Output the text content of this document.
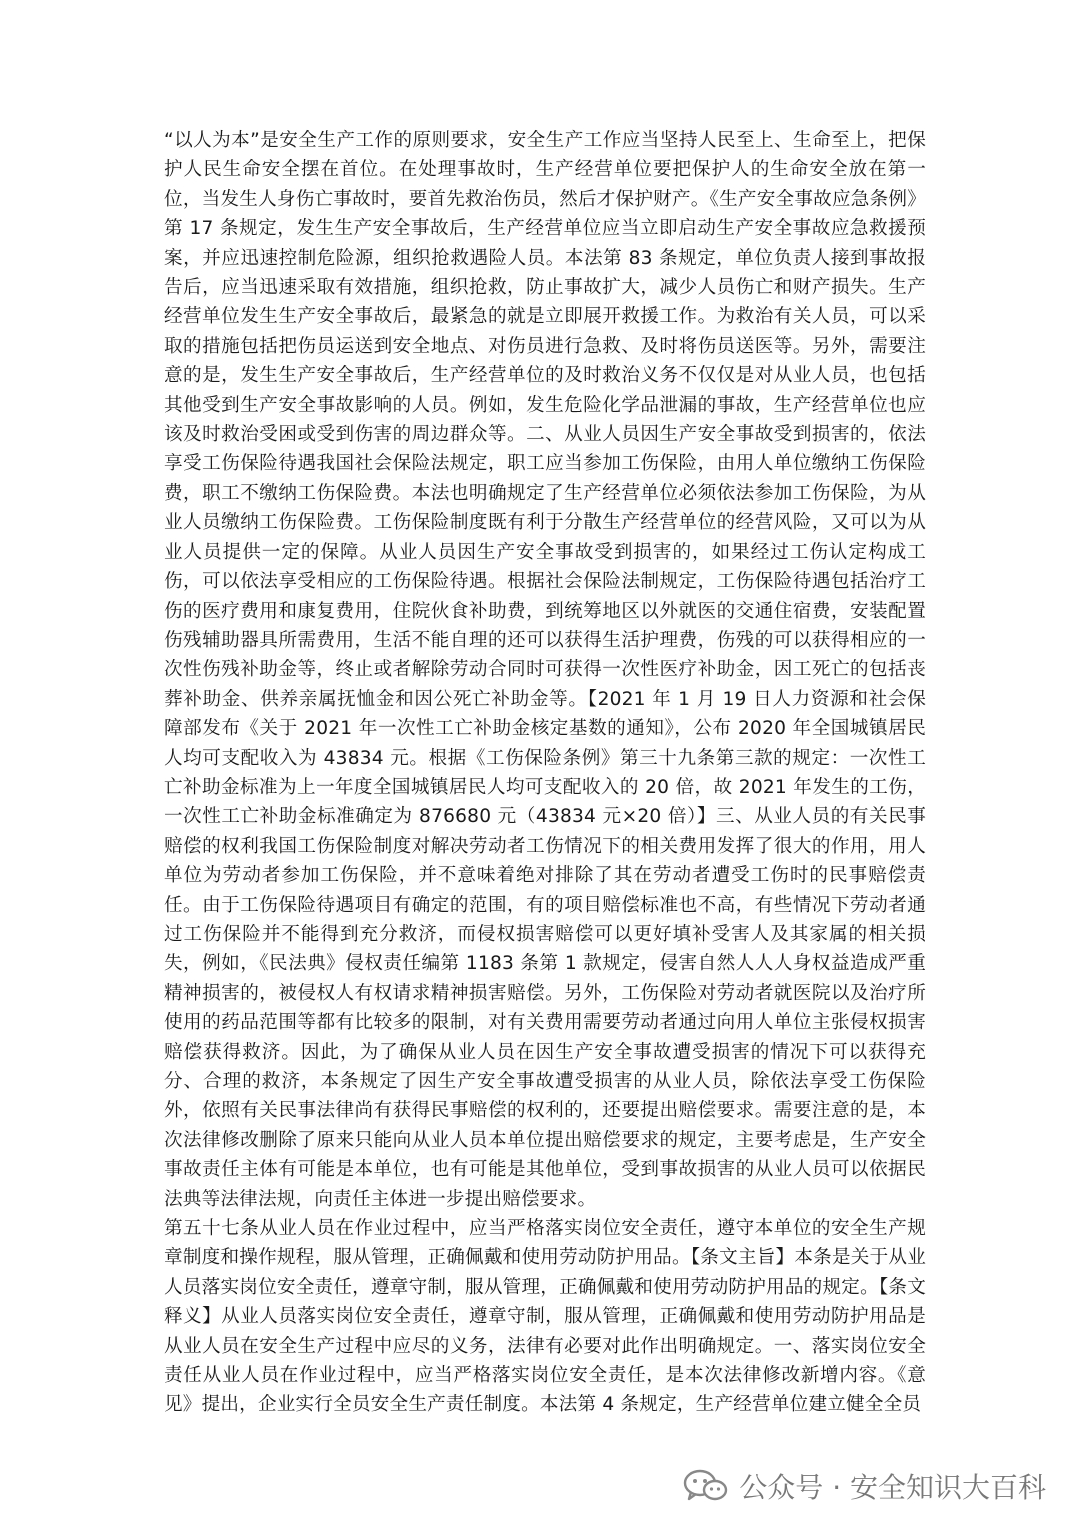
“以人为本”是安全生产工作的原则要求，安全生产工作应当坚持人民至上、生命至上，把保护人民生命安全摆在首位。在处理事故时，生产经营单位要把保护人的生命安全放在第一位，当发生人身伤亡事故时，要首先救治伤员，然后才保护财产。《生产安全事故应急条例》第 17 条规定，发生生产安全事故后，生产经营单位应当立即启动生产安全事故应急救援预案，并应迅速控制危险源，组织抢救遇险人员。本法第 83 条规定，单位负责人接到事故报告后，应当迅速采取有效措施，组织抢救，防止事故扩大，减少人员伤亡和财产损失。生产经营单位发生生产安全事故后，最紧急的就是立即展开救援工作。为救治有关人员，可以采取的措施包括把伤员运送到安全地点、对伤员进行急救、及时将伤员送医等。另外，需要注意的是，发生生产安全事故后，生产经营单位的及时救治义务不仅仅是对从业人员，也包括其他受到生产安全事故影响的人员。例如，发生危险化学品泄漏的事故，生产经营单位也应该及时救治受困或受到伤害的周边群众等。二、从业人员因生产安全事故受到损害的，依法享受工伤保险待遇我国社会保险法规定，职工应当参加工伤保险，由用人单位缴纳工伤保险费，职工不缴纳工伤保险费。本法也明确规定了生产经营单位必须依法参加工伤保险，为从业人员缴纳工伤保险费。工伤保险制度既有利于分散生产经营单位的经营风险，又可以为从业人员提供一定的保障。从业人员因生产安全事故受到损害的，如果经过工伤认定构成工伤，可以依法享受相应的工伤保险待遇。根据社会保险法制规定，工伤保险待遇包括治疗工伤的医疗费用和康复费用，住院伙食补助费，到统筹地区以外就医的交通住宿费，安装配置伤残辅助器具所需费用，生活不能自理的还可以获得生活护理费，伤残的可以获得相应的一次性伤残补助金等，终止或者解除劳动合同时可获得一次性医疗补助金，因工死亡的包括丧葬补助金、供养亲属抚恤金和因公死亡补助金等。【2021 年 1 月 19 日人力资源和社会保障部发布《关于 2021 年一次性工亡补助金核定基数的通知》，公布 2020 年全国城镇居民人均可支配收入为 43834 元。根据《工伤保险条例》第三十九条第三款的规定：一次性工亡补助金标准为上一年度全国城镇居民人均可支配收入的 20 倍，故 2021 年发生的工伤，一次性工亡补助金标准确定为 876680 元（43834 元×20 倍）】三、从业人员的有关民事赔偿的权利我国工伤保险制度对解决劳动者工伤情况下的相关费用发挥了很大的作用，用人单位为劳动者参加工伤保险，并不意味着绝对排除了其在劳动者遭受工伤时的民事赔偿责任。由于工伤保险待遇项目有确定的范围，有的项目赔偿标准也不高，有些情况下劳动者通过工伤保险并不能得到充分救济，而侵权损害赔偿可以更好填补受害人及其家属的相关损失，例如，《民法典》侵权责任编第 1183 条第 1 款规定，侵害自然人人人身权益造成严重精神损害的，被侵权人有权请求精神损害赔偿。另外，工伤保险对劳动者就医院以及治疗所使用的药品范围等都有比较多的限制，对有关费用需要劳动者通过向用人单位主张侵权损害赔偿获得救济。因此，为了确保从业人员在因生产安全事故遭受损害的情况下可以获得充分、合理的救济，本条规定了因生产安全事故遭受损害的从业人员，除依法享受工伤保险外，依照有关民事法律尚有获得民事赔偿的权利的，还要提出赔偿要求。需要注意的是，本次法律修改删除了原来只能向从业人员本单位提出赔偿要求的规定，主要考虑是，生产安全事故责任主体有可能是本单位，也有可能是其他单位，受到事故损害的从业人员可以依据民法典等法律法规，向责任主体进一步提出赔偿要求。

第五十七条从业人员在作业过程中，应当严格落实岗位安全责任，遵守本单位的安全生产规章制度和操作规程，服从管理，正确佩戴和使用劳动防护用品。【条文主旨】本条是关于从业人员落实岗位安全责任，遵章守制，服从管理，正确佩戴和使用劳动防护用品的规定。【条文释义】从业人员落实岗位安全责任，遵章守制，服从管理，正确佩戴和使用劳动防护用品是从业人员在安全生产过程中应尽的义务，法律有必要对此作出明确规定。一、落实岗位安全责任从业人员在作业过程中，应当严格落实岗位安全责任，是本次法律修改新增内容。《意见》提出，企业实行全员安全生产责任制度。本法第 4 条规定，生产经营单位建立健全全员

公众号 · 安全知识大百科
